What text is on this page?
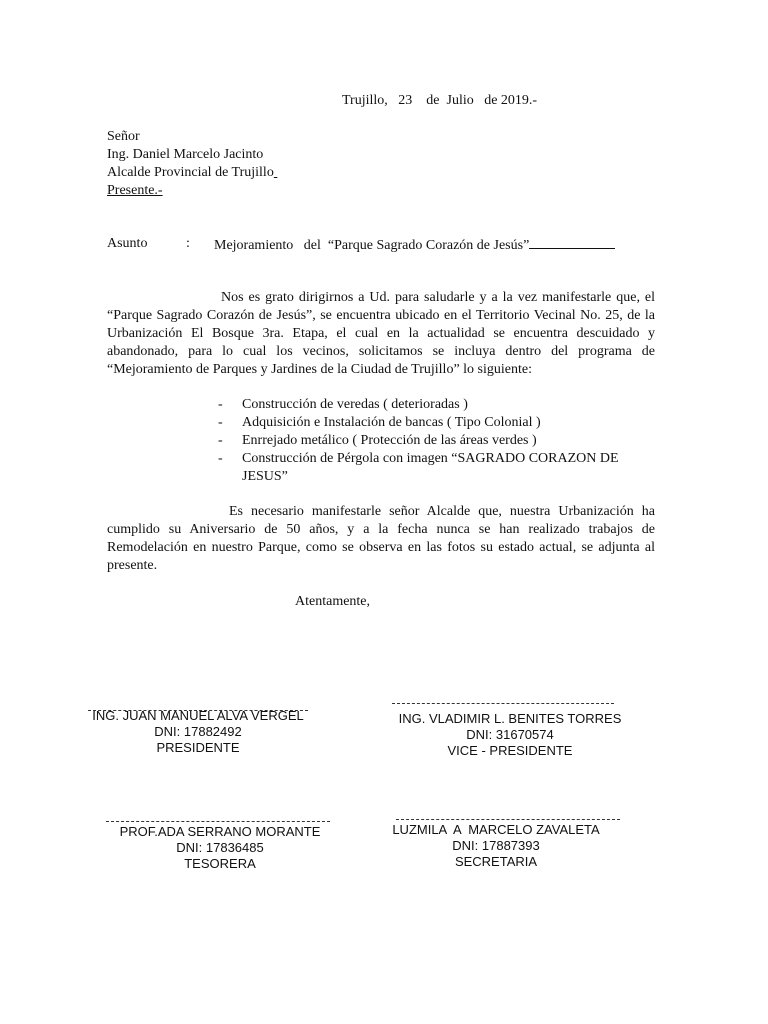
Trujillo,   23    de  Julio   de 2019.-
Señor
Ing. Daniel Marcelo Jacinto
Alcalde Provincial de Trujillo
Presente.-
Asunto	: Mejoramiento   del  “Parque Sagrado Corazón de Jesús”
Nos es grato dirigirnos a Ud. para saludarle y a la vez manifestarle que, el “Parque Sagrado Corazón de Jesús”, se encuentra ubicado en el Territorio Vecinal No. 25, de la Urbanización El Bosque 3ra. Etapa, el cual en la actualidad se encuentra descuidado y abandonado, para lo cual los vecinos, solicitamos se incluya dentro del programa de “Mejoramiento de Parques y Jardines de la Ciudad de Trujillo” lo siguiente:
- Construcción de veredas ( deterioradas )
- Adquisición e Instalación de bancas ( Tipo Colonial )
- Enrrejado metálico ( Protección de las áreas verdes )
- Construcción de Pérgola con imagen “SAGRADO CORAZON DE JESUS”
Es necesario manifestarle señor Alcalde que, nuestra Urbanización ha cumplido su Aniversario de 50 años, y a la fecha nunca se han realizado trabajos de Remodelación en nuestro Parque, como se observa en las fotos su estado actual, se adjunta al presente.
Atentamente,
ING. JUAN MANUEL ALVA VERGEL
DNI: 17882492
PRESIDENTE
ING. VLADIMIR L. BENITES TORRES
DNI: 31670574
VICE - PRESIDENTE
PROF.ADA SERRANO MORANTE
DNI: 17836485
TESORERA
LUZMILA  A  MARCELO ZAVALETA
DNI: 17887393
SECRETARIA
